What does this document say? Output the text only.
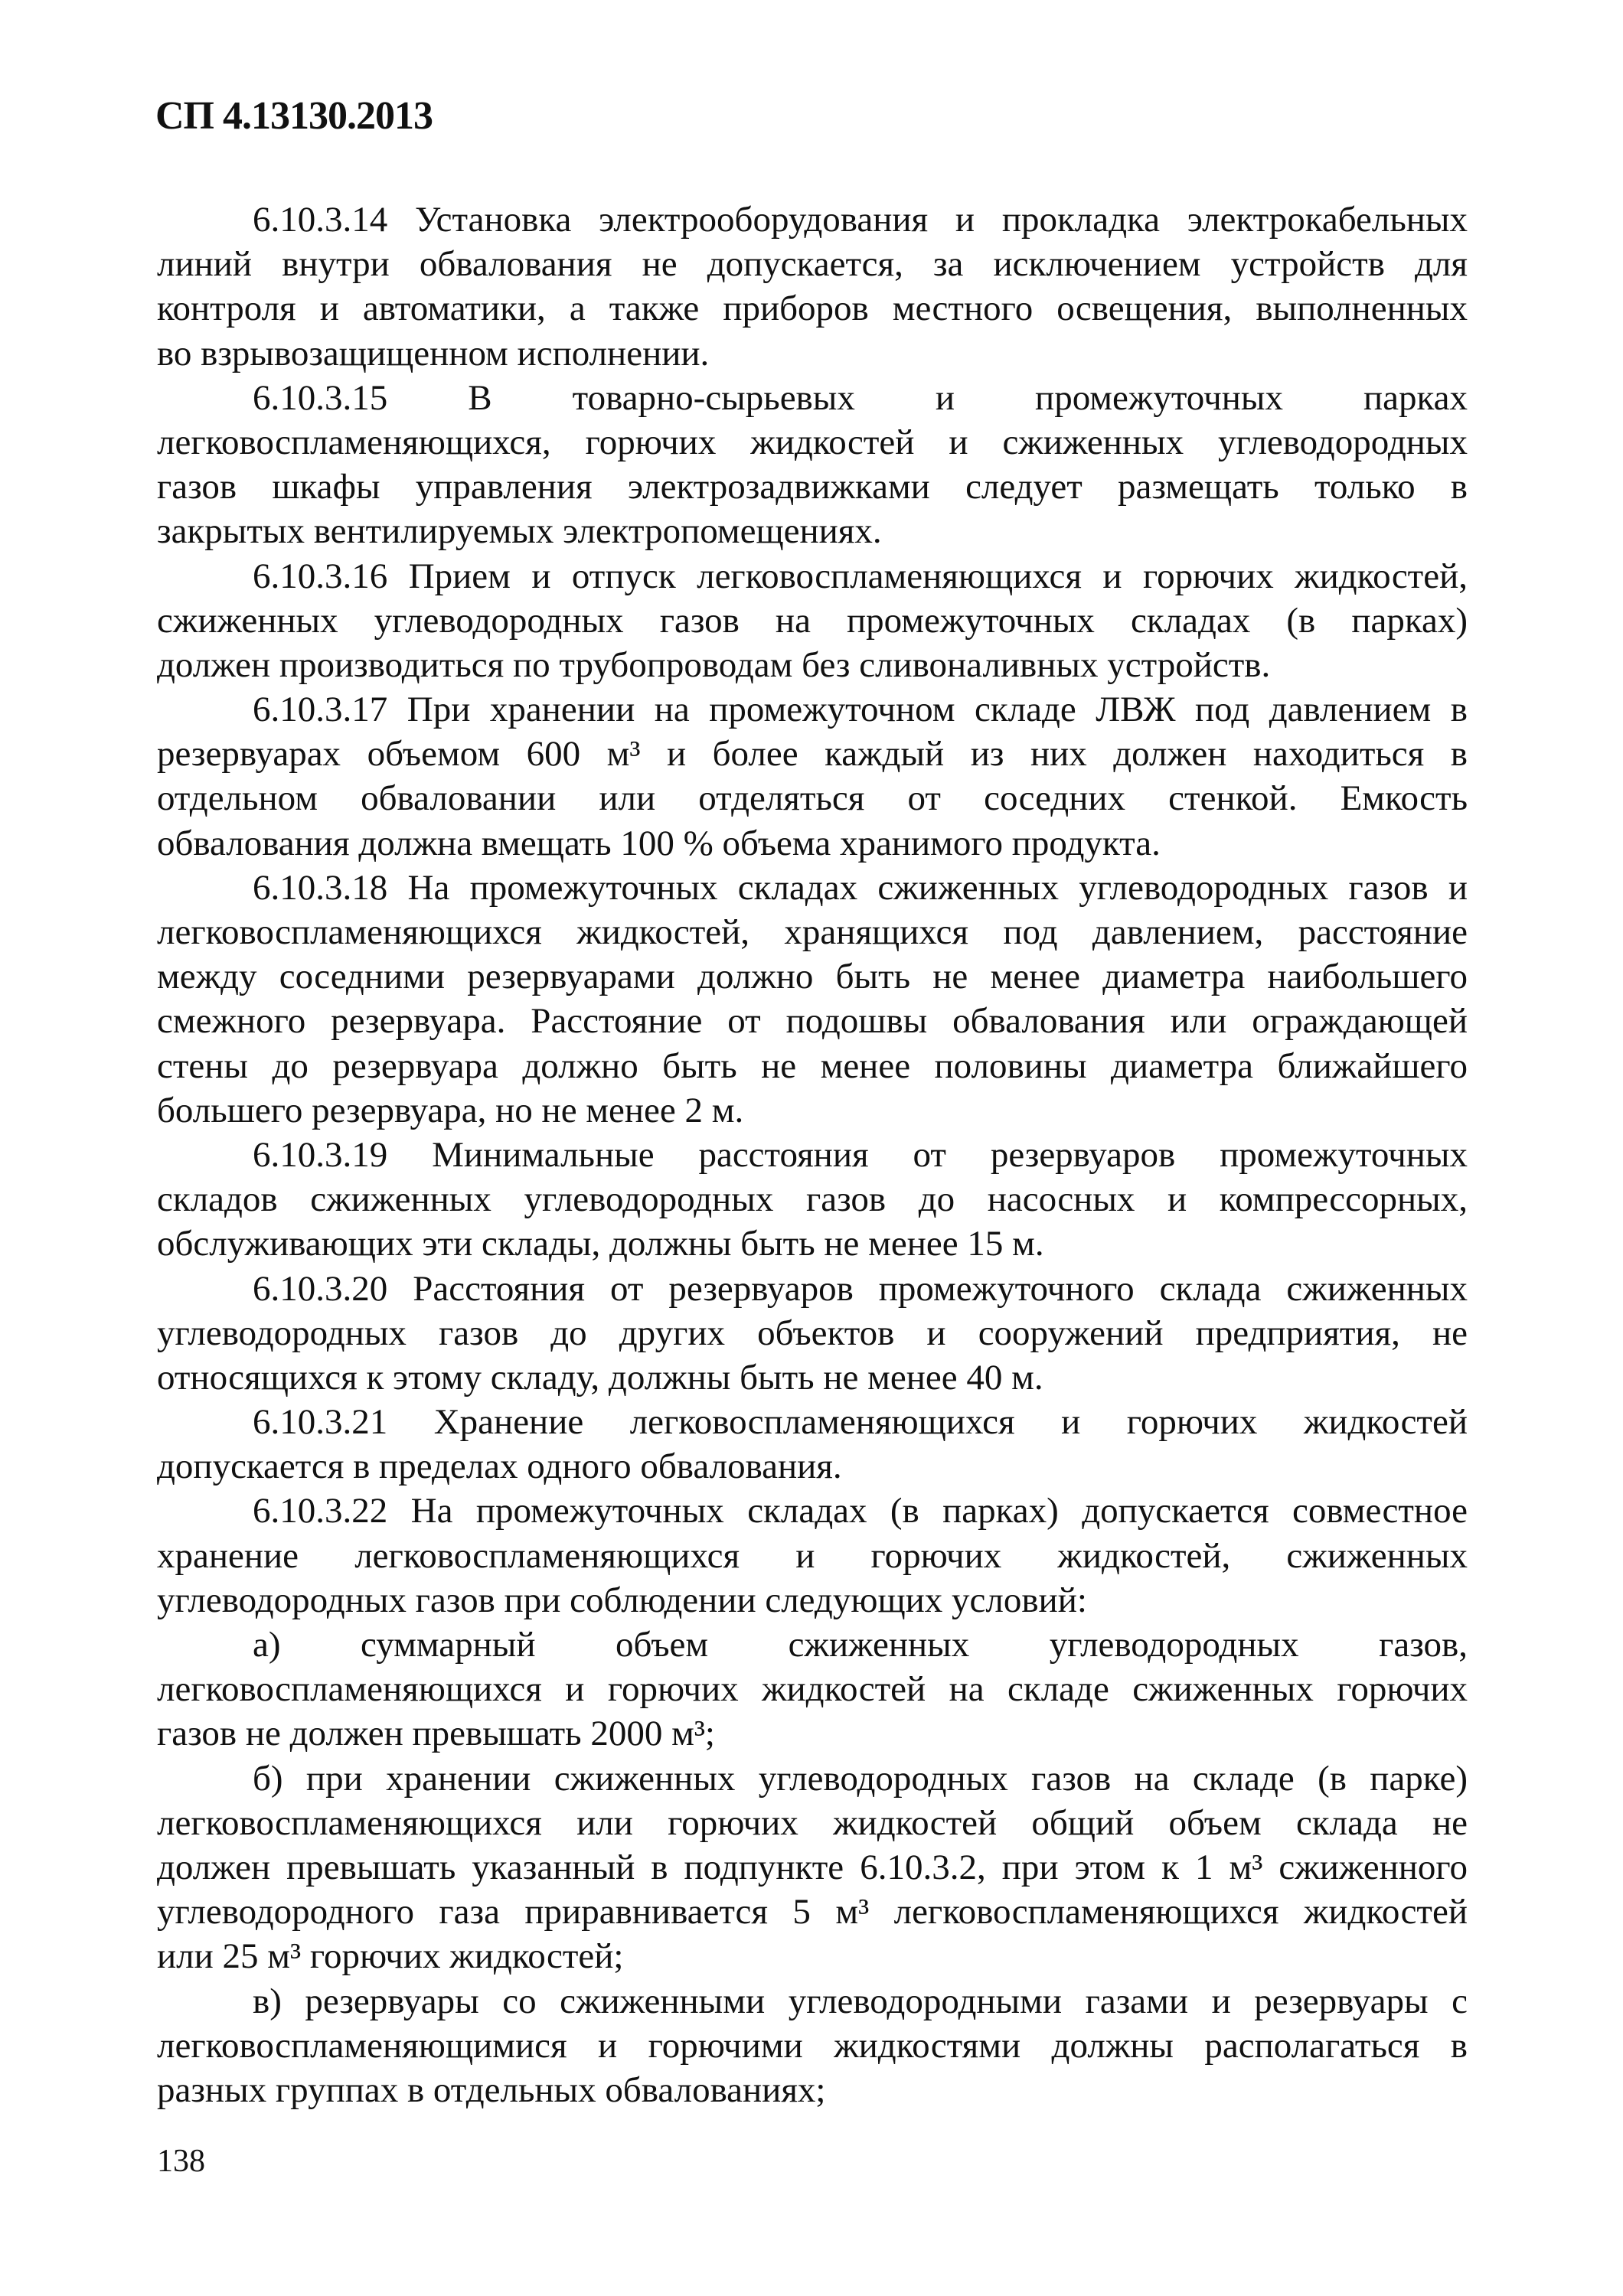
СП 4.13130.2013
6.10.3.14 Установка электрооборудования и прокладка электрокабельных
линий внутри обвалования не допускается, за исключением устройств для
контроля и автоматики, а также приборов местного освещения, выполненных
во взрывозащищенном исполнении.
6.10.3.15 В товарно-сырьевых и промежуточных парках
легковоспламеняющихся, горючих жидкостей и сжиженных углеводородных
газов шкафы управления электрозадвижками следует размещать только в
закрытых вентилируемых электропомещениях.
6.10.3.16 Прием и отпуск легковоспламеняющихся и горючих жидкостей,
сжиженных углеводородных газов на промежуточных складах (в парках)
должен производиться по трубопроводам без сливоналивных устройств.
6.10.3.17 При хранении на промежуточном складе ЛВЖ под давлением в
резервуарах объемом 600 м³ и более каждый из них должен находиться в
отдельном обваловании или отделяться от соседних стенкой. Емкость
обвалования должна вмещать 100 % объема хранимого продукта.
6.10.3.18 На промежуточных складах сжиженных углеводородных газов и
легковоспламеняющихся жидкостей, хранящихся под давлением, расстояние
между соседними резервуарами должно быть не менее диаметра наибольшего
смежного резервуара. Расстояние от подошвы обвалования или ограждающей
стены до резервуара должно быть не менее половины диаметра ближайшего
большего резервуара, но не менее 2 м.
6.10.3.19 Минимальные расстояния от резервуаров промежуточных
складов сжиженных углеводородных газов до насосных и компрессорных,
обслуживающих эти склады, должны быть не менее 15 м.
6.10.3.20 Расстояния от резервуаров промежуточного склада сжиженных
углеводородных газов до других объектов и сооружений предприятия, не
относящихся к этому складу, должны быть не менее 40 м.
6.10.3.21 Хранение легковоспламеняющихся и горючих жидкостей
допускается в пределах одного обвалования.
6.10.3.22 На промежуточных складах (в парках) допускается совместное
хранение легковоспламеняющихся и горючих жидкостей, сжиженных
углеводородных газов при соблюдении следующих условий:
а) суммарный объем сжиженных углеводородных газов,
легковоспламеняющихся и горючих жидкостей на складе сжиженных горючих
газов не должен превышать 2000 м³;
б) при хранении сжиженных углеводородных газов на складе (в парке)
легковоспламеняющихся или горючих жидкостей общий объем склада не
должен превышать указанный в подпункте 6.10.3.2, при этом к 1 м³ сжиженного
углеводородного газа приравнивается 5 м³ легковоспламеняющихся жидкостей
или 25 м³ горючих жидкостей;
в) резервуары со сжиженными углеводородными газами и резервуары с
легковоспламеняющимися и горючими жидкостями должны располагаться в
разных группах в отдельных обвалованиях;
138
